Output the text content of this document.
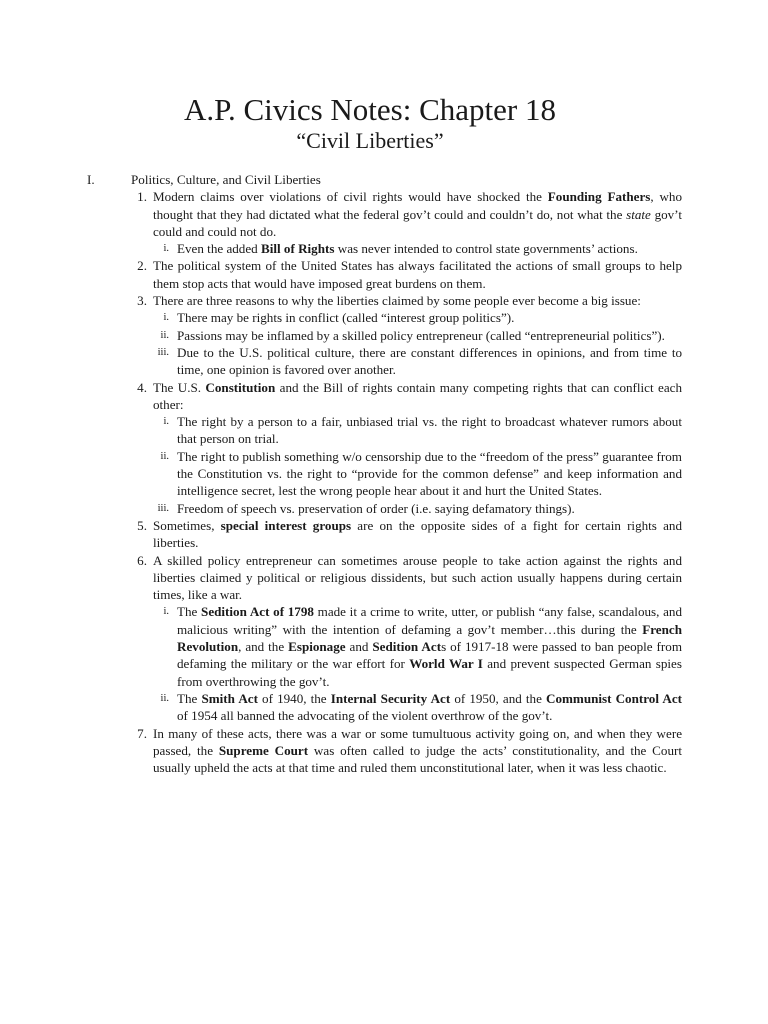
A.P. Civics Notes: Chapter 18
“Civil Liberties”
I.	Politics, Culture, and Civil Liberties
1. Modern claims over violations of civil rights would have shocked the Founding Fathers, who thought that they had dictated what the federal gov’t could and couldn’t do, not what the state gov’t could and could not do.
i. Even the added Bill of Rights was never intended to control state governments’ actions.
2. The political system of the United States has always facilitated the actions of small groups to help them stop acts that would have imposed great burdens on them.
3. There are three reasons to why the liberties claimed by some people ever become a big issue:
i. There may be rights in conflict (called “interest group politics”).
ii. Passions may be inflamed by a skilled policy entrepreneur (called “entrepreneurial politics”).
iii. Due to the U.S. political culture, there are constant differences in opinions, and from time to time, one opinion is favored over another.
4. The U.S. Constitution and the Bill of rights contain many competing rights that can conflict each other:
i. The right by a person to a fair, unbiased trial vs. the right to broadcast whatever rumors about that person on trial.
ii. The right to publish something w/o censorship due to the “freedom of the press” guarantee from the Constitution vs. the right to “provide for the common defense” and keep information and intelligence secret, lest the wrong people hear about it and hurt the United States.
iii. Freedom of speech vs. preservation of order (i.e. saying defamatory things).
5. Sometimes, special interest groups are on the opposite sides of a fight for certain rights and liberties.
6. A skilled policy entrepreneur can sometimes arouse people to take action against the rights and liberties claimed y political or religious dissidents, but such action usually happens during certain times, like a war.
i. The Sedition Act of 1798 made it a crime to write, utter, or publish “any false, scandalous, and malicious writing” with the intention of defaming a gov’t member…this during the French Revolution, and the Espionage and Sedition Acts of 1917-18 were passed to ban people from defaming the military or the war effort for World War I and prevent suspected German spies from overthrowing the gov’t.
ii. The Smith Act of 1940, the Internal Security Act of 1950, and the Communist Control Act of 1954 all banned the advocating of the violent overthrow of the gov’t.
7. In many of these acts, there was a war or some tumultuous activity going on, and when they were passed, the Supreme Court was often called to judge the acts’ constitutionality, and the Court usually upheld the acts at that time and ruled them unconstitutional later, when it was less chaotic.
